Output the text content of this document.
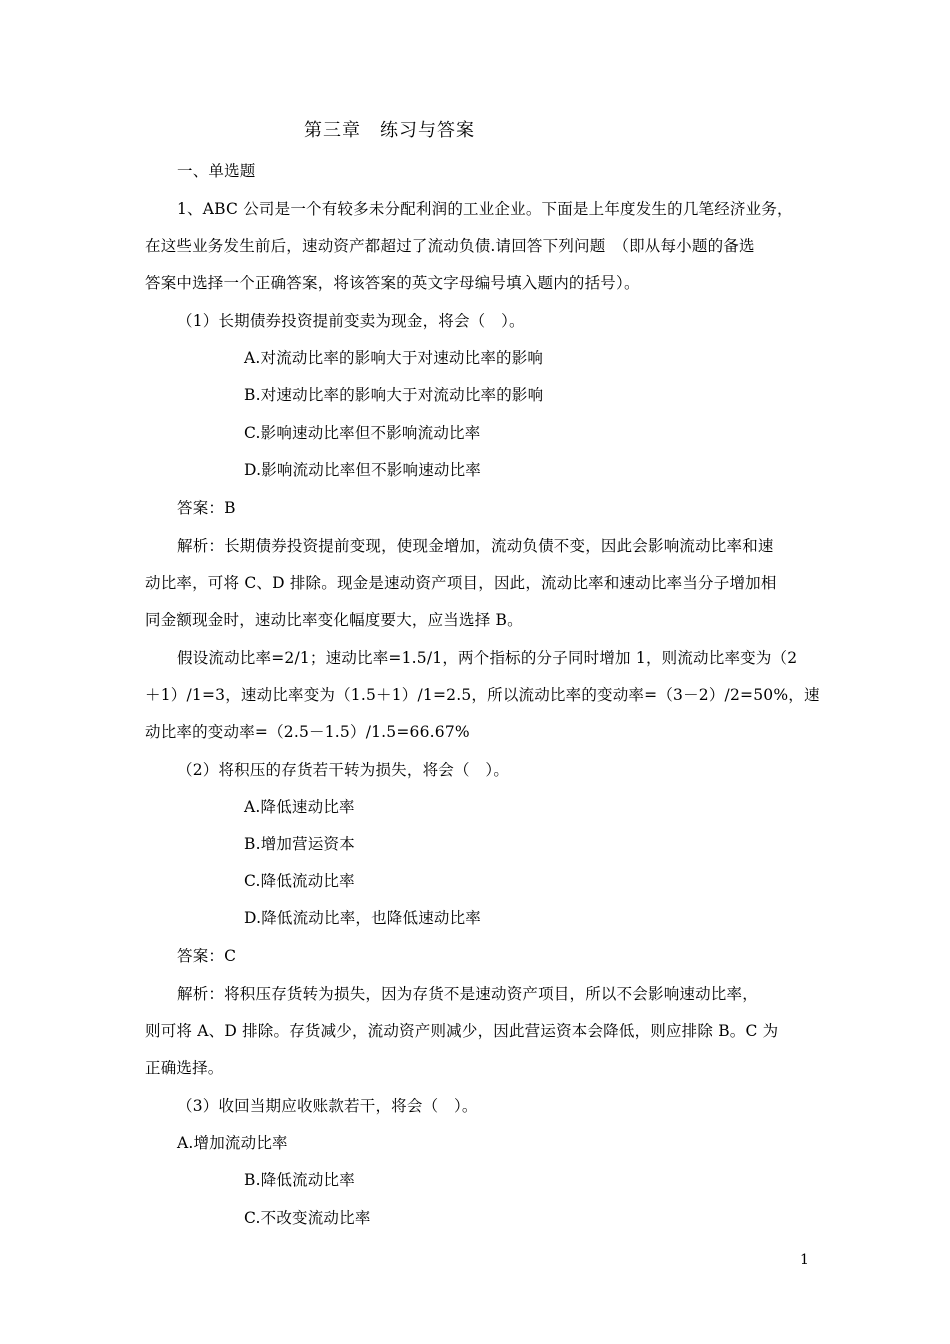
第三章　练习与答案
一、单选题
1、ABC 公司是一个有较多未分配利润的工业企业。下面是上年度发生的几笔经济业务，
在这些业务发生前后，速动资产都超过了流动负债.请回答下列问题　（即从每小题的备选
答案中选择一个正确答案，将该答案的英文字母编号填入题内的括号）。
（1）长期债券投资提前变卖为现金，将会（　）。
A.对流动比率的影响大于对速动比率的影响
B.对速动比率的影响大于对流动比率的影响
C.影响速动比率但不影响流动比率
D.影响流动比率但不影响速动比率
答案：B
解析：长期债券投资提前变现，使现金增加，流动负债不变，因此会影响流动比率和速
动比率，可将 C、D 排除。现金是速动资产项目，因此，流动比率和速动比率当分子增加相
同金额现金时，速动比率变化幅度要大，应当选择 B。
假设流动比率=2/1；速动比率=1.5/1，两个指标的分子同时增加 1，则流动比率变为（2
＋1）/1=3，速动比率变为（1.5＋1）/1=2.5，所以流动比率的变动率=（3－2）/2=50%，速
动比率的变动率=（2.5－1.5）/1.5=66.67%
（2）将积压的存货若干转为损失，将会（　）。
A.降低速动比率
B.增加营运资本
C.降低流动比率
D.降低流动比率，也降低速动比率
答案：C
解析：将积压存货转为损失，因为存货不是速动资产项目，所以不会影响速动比率，
则可将 A、D 排除。存货减少，流动资产则减少，因此营运资本会降低，则应排除 B。C 为
正确选择。
（3）收回当期应收账款若干，将会（　）。
A.增加流动比率
B.降低流动比率
C.不改变流动比率
1
